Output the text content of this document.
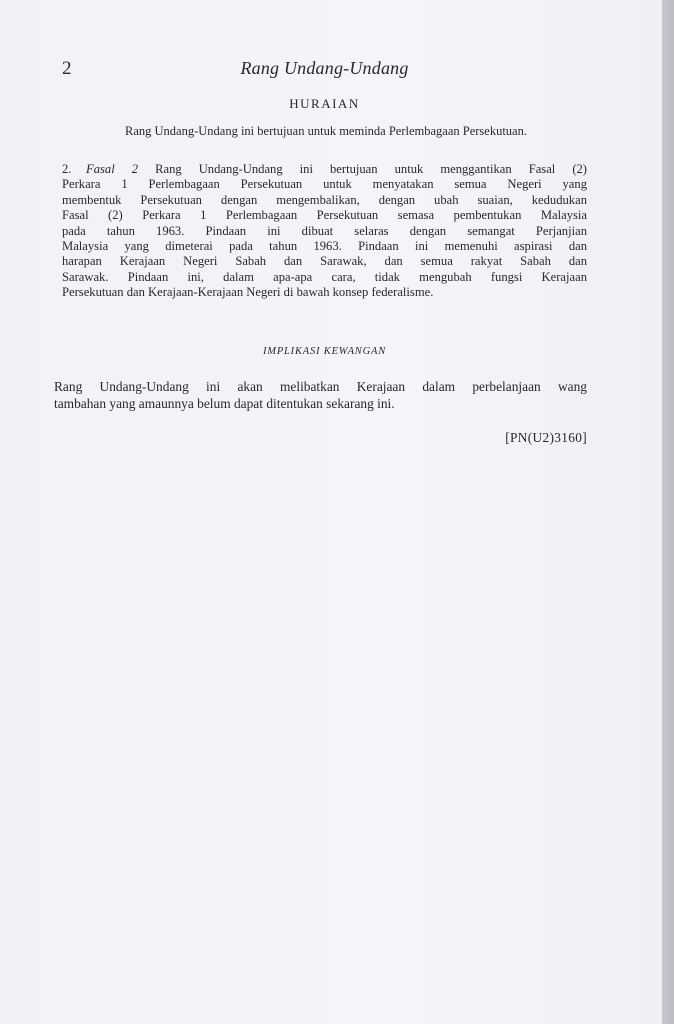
2	Rang Undang-Undang
HURAIAN
Rang Undang-Undang ini bertujuan untuk meminda Perlembagaan Persekutuan.
2. Fasal 2 Rang Undang-Undang ini bertujuan untuk menggantikan Fasal (2)
Perkara 1 Perlembagaan Persekutuan untuk menyatakan semua Negeri yang
membentuk Persekutuan dengan mengembalikan, dengan ubah suaian, kedudukan
Fasal (2) Perkara 1 Perlembagaan Persekutuan semasa pembentukan Malaysia
pada tahun 1963. Pindaan ini dibuat selaras dengan semangat Perjanjian
Malaysia yang dimeterai pada tahun 1963. Pindaan ini memenuhi aspirasi dan
harapan Kerajaan Negeri Sabah dan Sarawak, dan semua rakyat Sabah dan
Sarawak. Pindaan ini, dalam apa-apa cara, tidak mengubah fungsi Kerajaan
Persekutuan dan Kerajaan-Kerajaan Negeri di bawah konsep federalisme.
IMPLIKASI KEWANGAN
Rang Undang-Undang ini akan melibatkan Kerajaan dalam perbelanjaan wang
tambahan yang amaunnya belum dapat ditentukan sekarang ini.
[PN(U2)3160]
